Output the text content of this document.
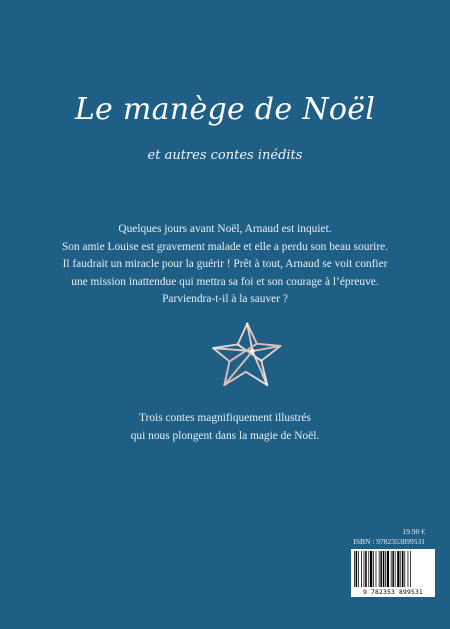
Le manège de Noël
et autres contes inédits
Quelques jours avant Noël, Arnaud est inquiet.
Son amie Louise est gravement malade et elle a perdu son beau sourire.
Il faudrait un miracle pour la guérir ! Prêt à tout, Arnaud se voit confier
une mission inattendue qui mettra sa foi et son courage à l’épreuve.
Parviendra-t-il à la sauver ?
Trois contes magnifiquement illustrés
qui nous plongent dans la magie de Noël.
19.90 €
ISBN : 9782353899531
9 782353 899531
